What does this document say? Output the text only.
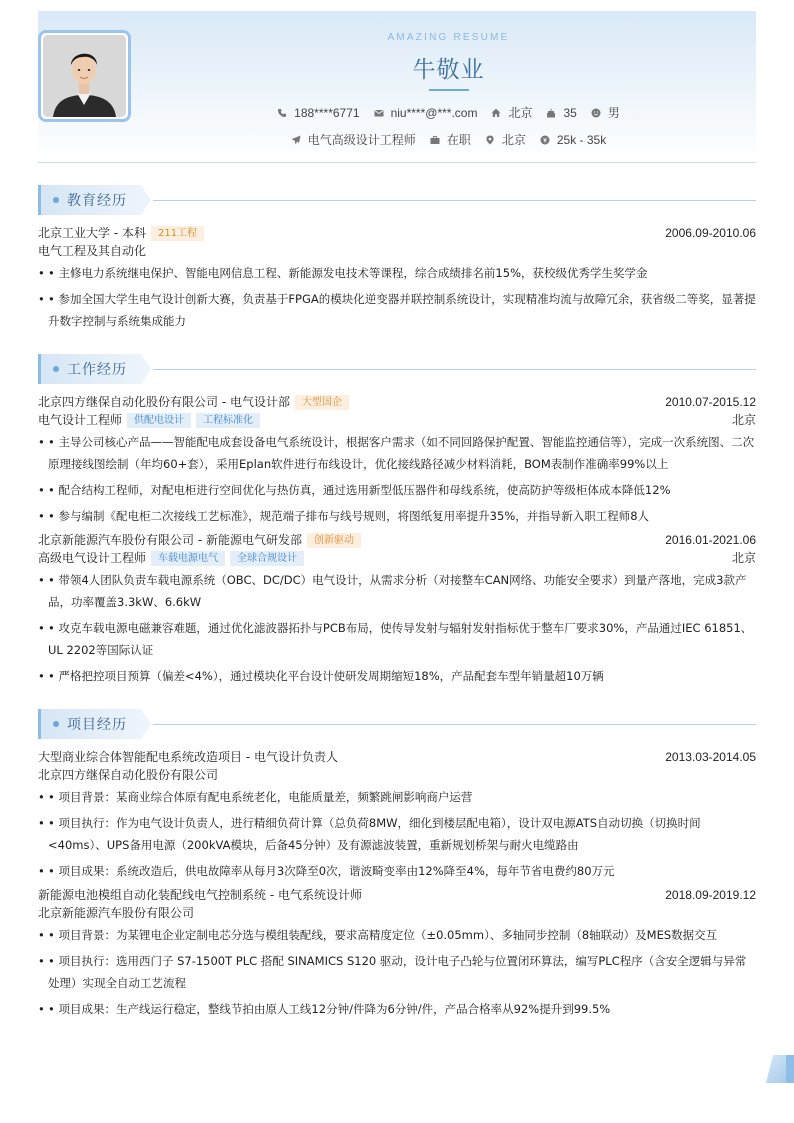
AMAZING RESUME
牛敬业
188****6771	niu****@***.com	北京	35	男
电气高级设计工程师	在职	北京	25k - 35k
教育经历
北京工业大学 - 本科	211工程	2006.09-2010.06
电气工程及其自动化
• • 主修电力系统继电保护、智能电网信息工程、新能源发电技术等课程，综合成绩排名前15%，获校级优秀学生奖学金
• • 参加全国大学生电气设计创新大赛，负责基于FPGA的模块化逆变器并联控制系统设计，实现精准均流与故障冗余，获省级二等奖，显著提升数字控制与系统集成能力
工作经历
北京四方继保自动化股份有限公司 - 电气设计部	大型国企	2010.07-2015.12
电气设计工程师	供配电设计	工程标准化	北京
• • 主导公司核心产品——智能配电成套设备电气系统设计，根据客户需求（如不同回路保护配置、智能监控通信等），完成一次系统图、二次原理接线图绘制（年均60+套），采用Eplan软件进行布线设计，优化接线路径减少材料消耗，BOM表制作准确率99%以上
• • 配合结构工程师，对配电柜进行空间优化与热仿真，通过选用新型低压器件和母线系统，使高防护等级柜体成本降低12%
• • 参与编制《配电柜二次接线工艺标准》，规范端子排布与线号规则，将图纸复用率提升35%，并指导新入职工程师8人
北京新能源汽车股份有限公司 - 新能源电气研发部	创新驱动	2016.01-2021.06
高级电气设计工程师	车载电源电气	全球合规设计	北京
• • 带领4人团队负责车载电源系统（OBC、DC/DC）电气设计，从需求分析（对接整车CAN网络、功能安全要求）到量产落地，完成3款产品，功率覆盖3.3kW、6.6kW
• • 攻克车载电源电磁兼容难题，通过优化滤波器拓扑与PCB布局，使传导发射与辐射发射指标优于整车厂要求30%，产品通过IEC 61851、UL 2202等国际认证
• • 严格把控项目预算（偏差<4%），通过模块化平台设计使研发周期缩短18%，产品配套车型年销量超10万辆
项目经历
大型商业综合体智能配电系统改造项目 - 电气设计负责人	2013.03-2014.05
北京四方继保自动化股份有限公司
• • 项目背景：某商业综合体原有配电系统老化，电能质量差，频繁跳闸影响商户运营
• • 项目执行：作为电气设计负责人，进行精细负荷计算（总负荷8MW，细化到楼层配电箱），设计双电源ATS自动切换（切换时间<40ms）、UPS备用电源（200kVA模块，后备45分钟）及有源滤波装置，重新规划桥架与耐火电缆路由
• • 项目成果：系统改造后，供电故障率从每月3次降至0次，谐波畸变率由12%降至4%，每年节省电费约80万元
新能源电池模组自动化装配线电气控制系统 - 电气系统设计师	2018.09-2019.12
北京新能源汽车股份有限公司
• • 项目背景：为某锂电企业定制电芯分选与模组装配线，要求高精度定位（±0.05mm）、多轴同步控制（8轴联动）及MES数据交互
• • 项目执行：选用西门子 S7-1500T PLC 搭配 SINAMICS S120 驱动，设计电子凸轮与位置闭环算法，编写PLC程序（含安全逻辑与异常处理）实现全自动工艺流程
• • 项目成果：生产线运行稳定，整线节拍由原人工线12分钟/件降为6分钟/件，产品合格率从92%提升到99.5%
